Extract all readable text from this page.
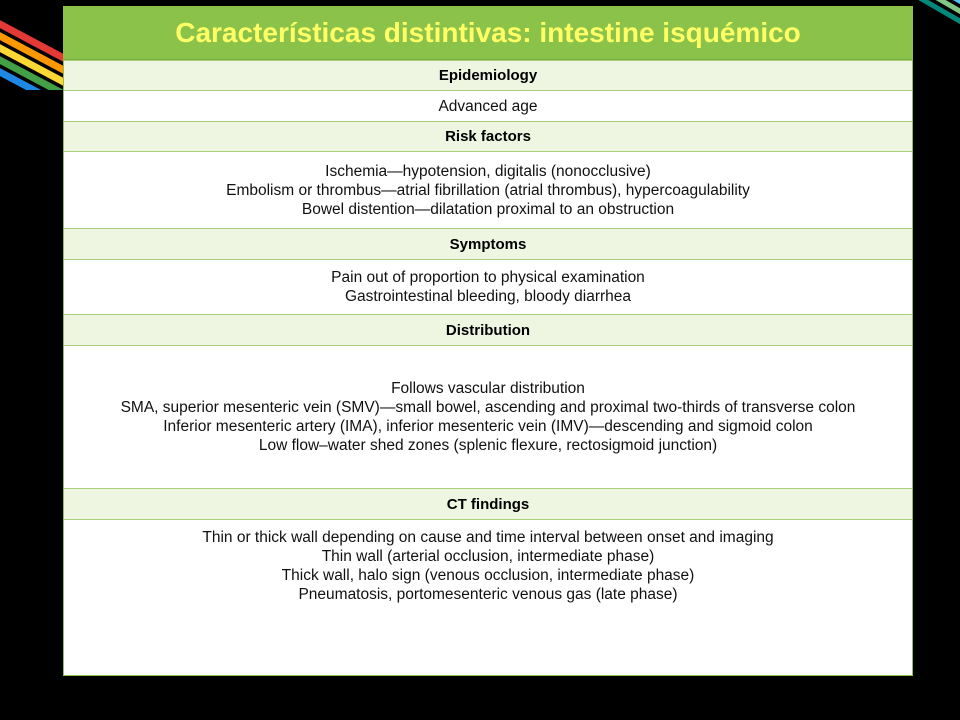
Características distintivas: intestine isquémico
Epidemiology
Advanced age
Risk factors
Ischemia—hypotension, digitalis (nonocclusive)
Embolism or thrombus—atrial fibrillation (atrial thrombus), hypercoagulability
Bowel distention—dilatation proximal to an obstruction
Symptoms
Pain out of proportion to physical examination
Gastrointestinal bleeding, bloody diarrhea
Distribution
Follows vascular distribution
SMA, superior mesenteric vein (SMV)—small bowel, ascending and proximal two-thirds of transverse colon
Inferior mesenteric artery (IMA), inferior mesenteric vein (IMV)—descending and sigmoid colon
Low flow–water shed zones (splenic flexure, rectosigmoid junction)
CT findings
Thin or thick wall depending on cause and time interval between onset and imaging
Thin wall (arterial occlusion, intermediate phase)
Thick wall, halo sign (venous occlusion, intermediate phase)
Pneumatosis, portomesenteric venous gas (late phase)
